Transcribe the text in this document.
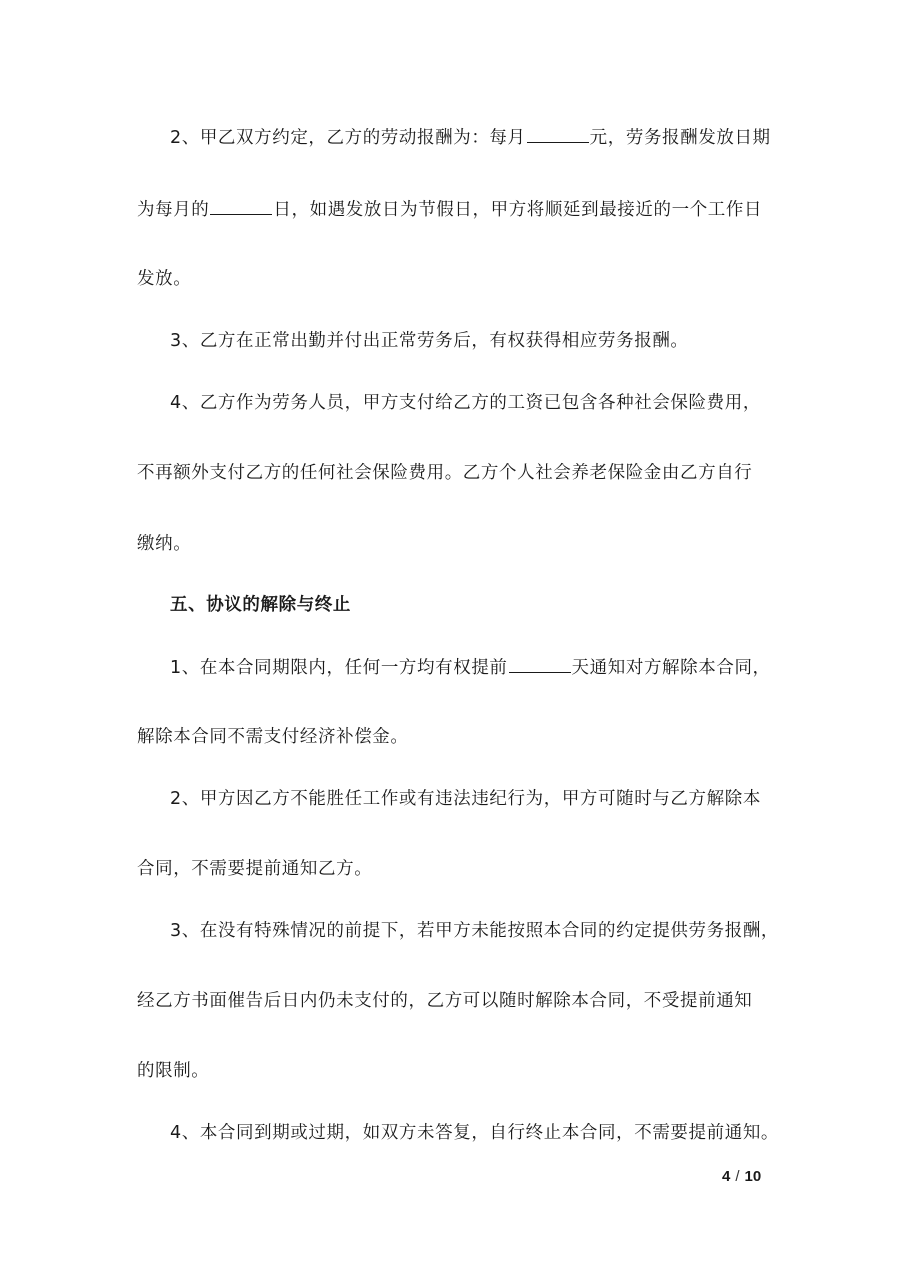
2、甲乙双方约定，乙方的劳动报酬为：每月	元，劳务报酬发放日期
为每月的	日，如遇发放日为节假日，甲方将顺延到最接近的一个工作日
发放。
3、乙方在正常出勤并付出正常劳务后，有权获得相应劳务报酬。
4、乙方作为劳务人员，甲方支付给乙方的工资已包含各种社会保险费用，
不再额外支付乙方的任何社会保险费用。乙方个人社会养老保险金由乙方自行
缴纳。
五、协议的解除与终止
1、在本合同期限内，任何一方均有权提前	天通知对方解除本合同，
解除本合同不需支付经济补偿金。
2、甲方因乙方不能胜任工作或有违法违纪行为，甲方可随时与乙方解除本
合同，不需要提前通知乙方。
3、在没有特殊情况的前提下，若甲方未能按照本合同的约定提供劳务报酬，
经乙方书面催告后日内仍未支付的，乙方可以随时解除本合同，不受提前通知
的限制。
4、本合同到期或过期，如双方未答复，自行终止本合同，不需要提前通知。
4 / 10
